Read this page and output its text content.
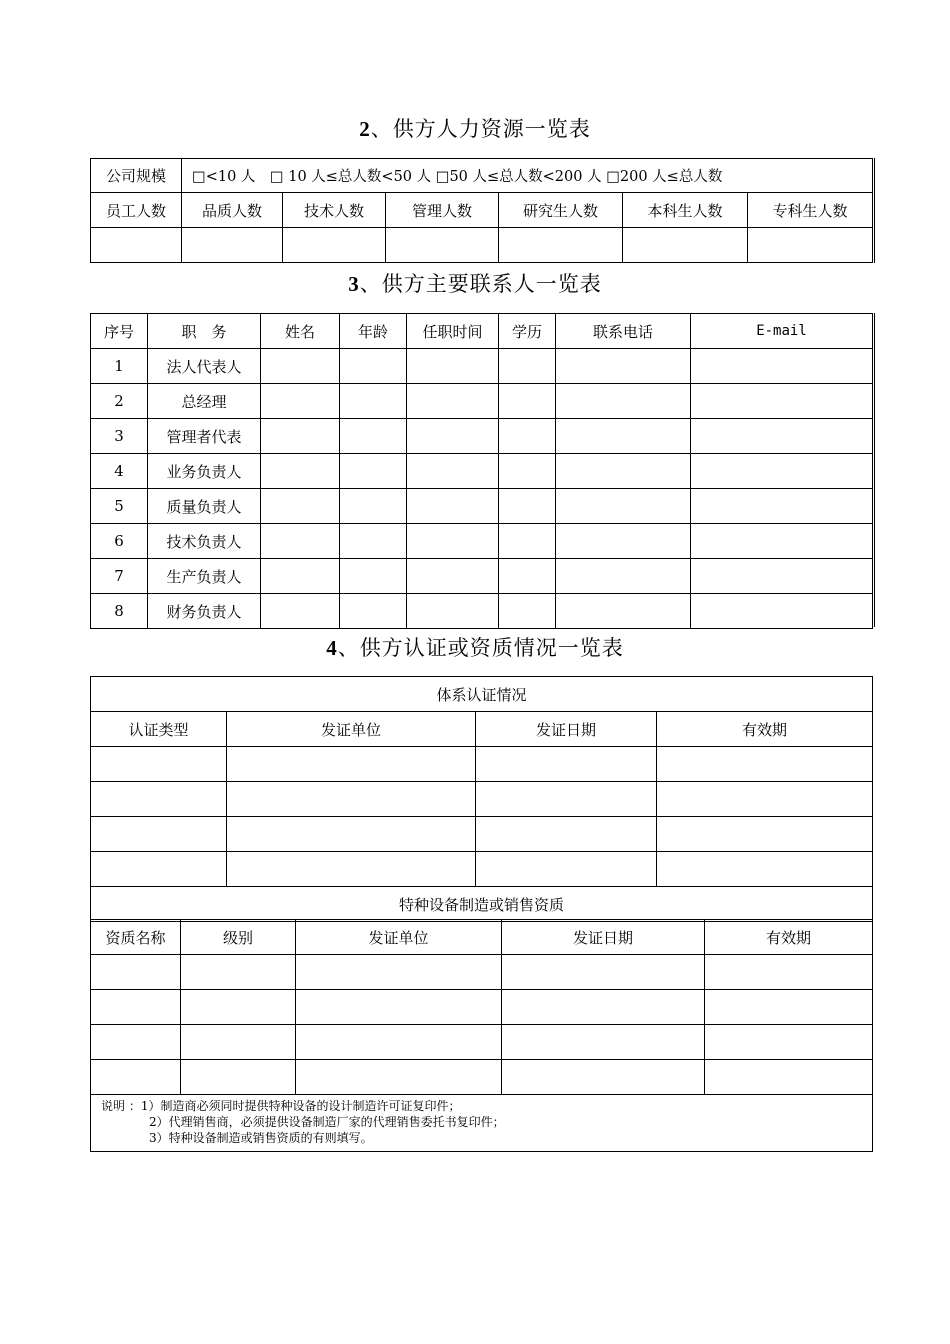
2、供方人力资源一览表
公司规模	□<10 人　□ 10 人≤总人数<50 人 □50 人≤总人数<200 人 □200 人≤总人数					
员工人数	品质人数	技术人数	管理人数	研究生人数	本科生人数	专科生人数

3、供方主要联系人一览表
序号	职　务	姓名	年龄	任职时间	学历	联系电话	E-mail
1	法人代表人						
2	总经理						
3	管理者代表						
4	业务负责人						
5	质量负责人						
6	技术负责人						
7	生产负责人						
8	财务负责人						
4、供方认证或资质情况一览表
体系认证情况			
认证类型	发证单位	发证日期	有效期

特种设备制造或销售资质			
资质名称	级别	发证单位	发证日期	有效期

说明 ：1）制造商必须同时提供特种设备的设计制造许可证复印件；
　　　　2）代理销售商，必须提供设备制造厂家的代理销售委托书复印件；
　　　　3）特种设备制造或销售资质的有则填写。				
